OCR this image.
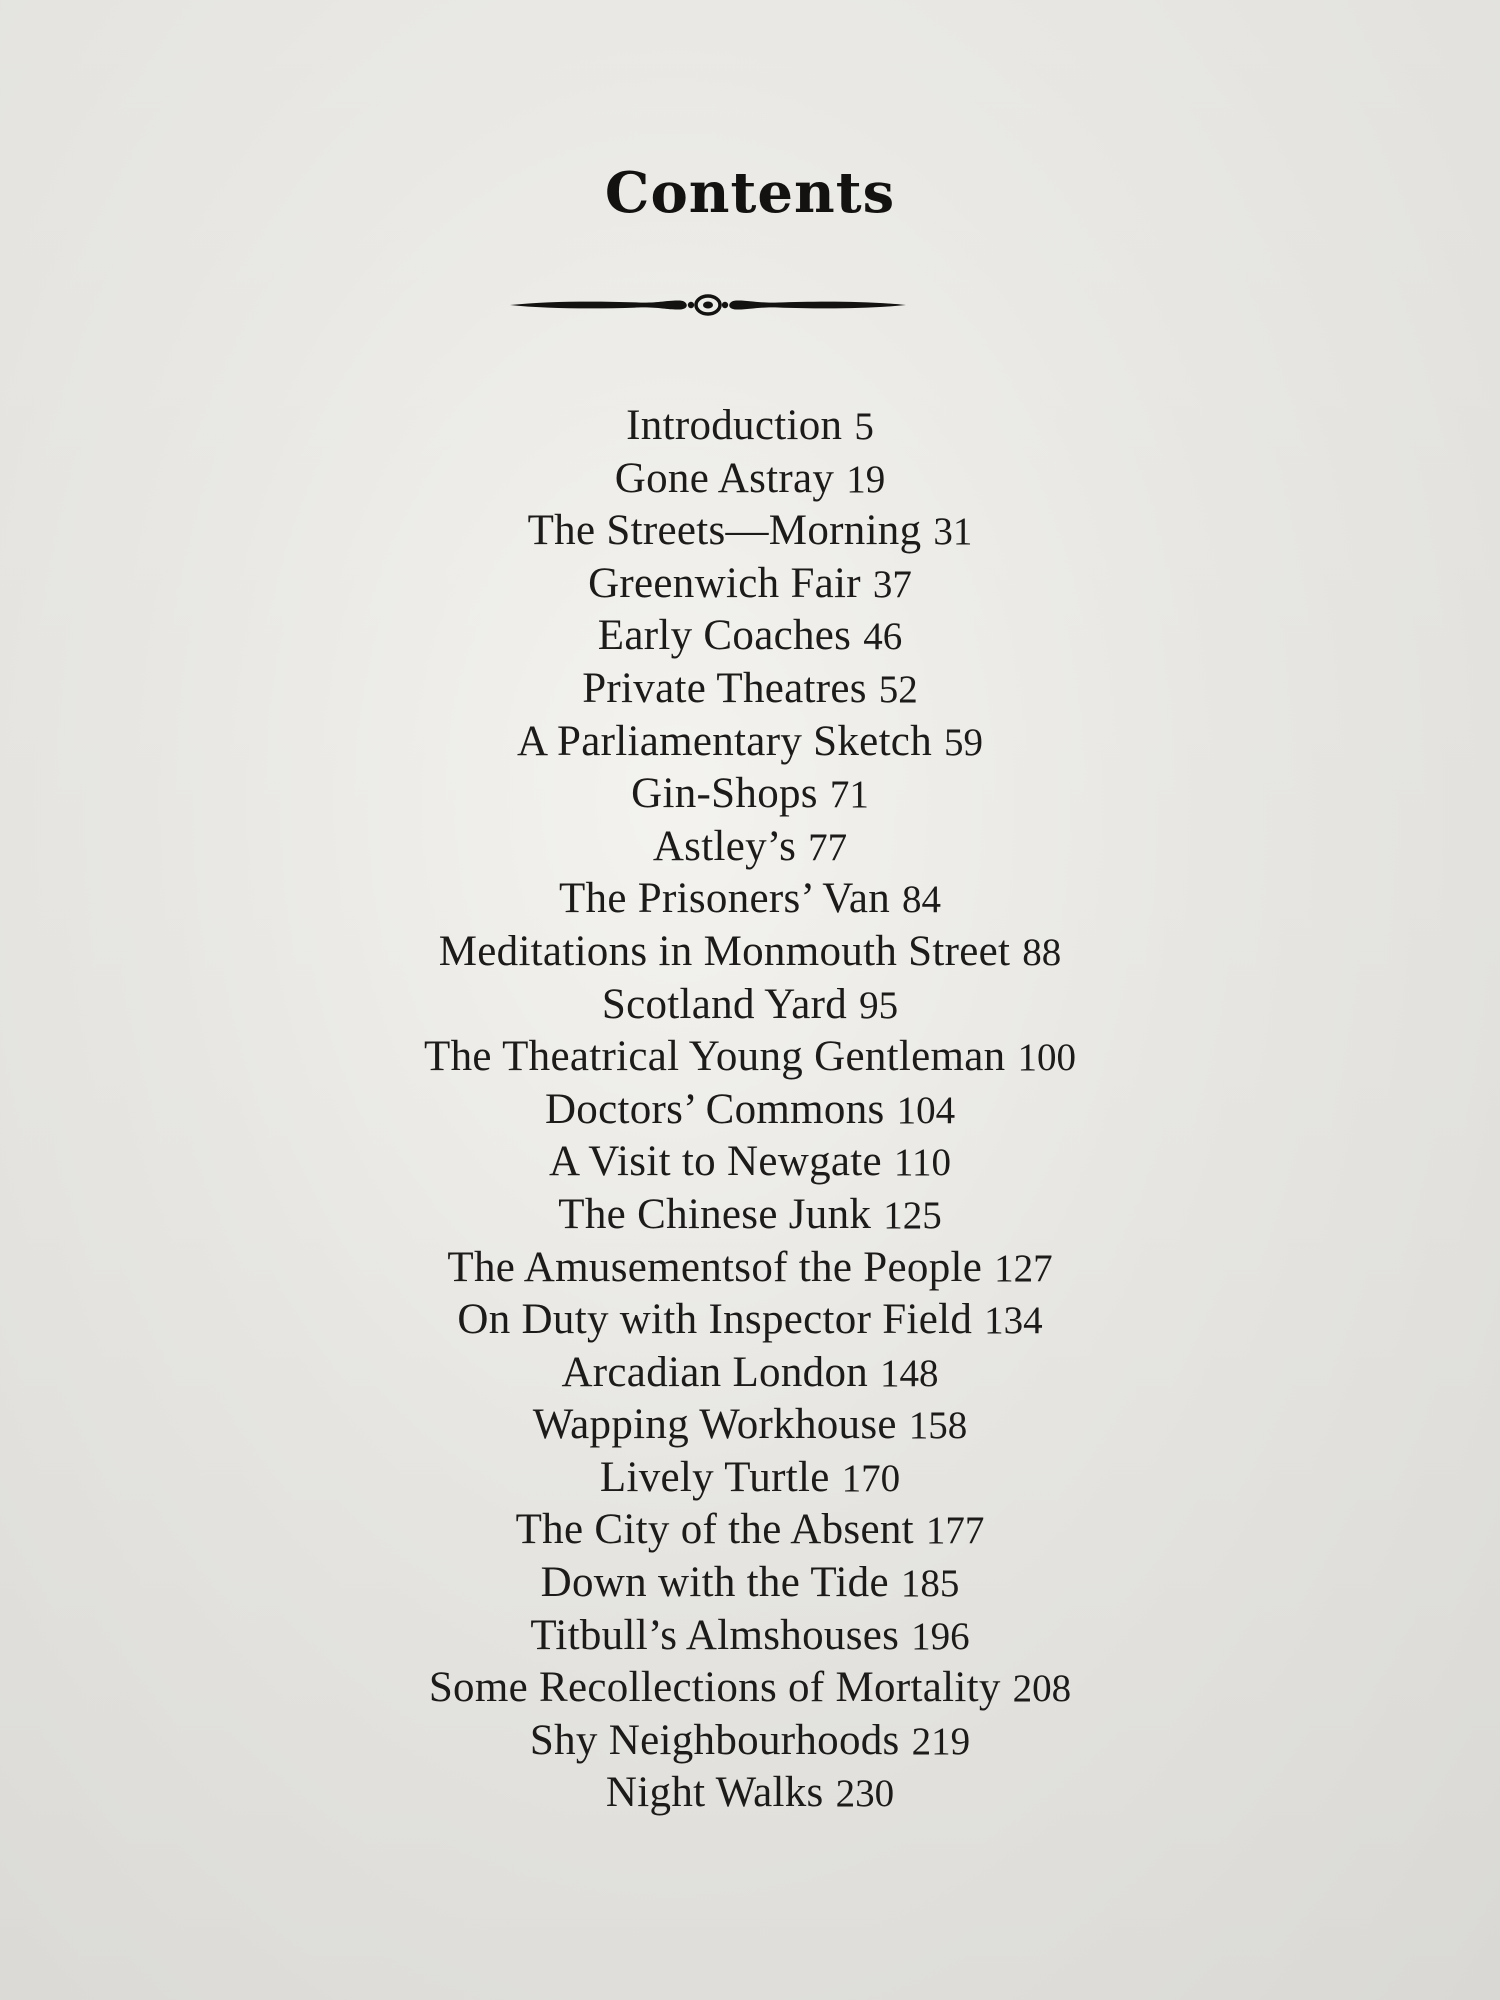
Contents
Introduction 5
Gone Astray 19
The Streets—Morning 31
Greenwich Fair 37
Early Coaches 46
Private Theatres 52
A Parliamentary Sketch 59
Gin-Shops 71
Astley’s 77
The Prisoners’ Van 84
Meditations in Monmouth Street 88
Scotland Yard 95
The Theatrical Young Gentleman 100
Doctors’ Commons 104
A Visit to Newgate 110
The Chinese Junk 125
The Amusementsof the People 127
On Duty with Inspector Field 134
Arcadian London 148
Wapping Workhouse 158
Lively Turtle 170
The City of the Absent 177
Down with the Tide 185
Titbull’s Almshouses 196
Some Recollections of Mortality 208
Shy Neighbourhoods 219
Night Walks 230
